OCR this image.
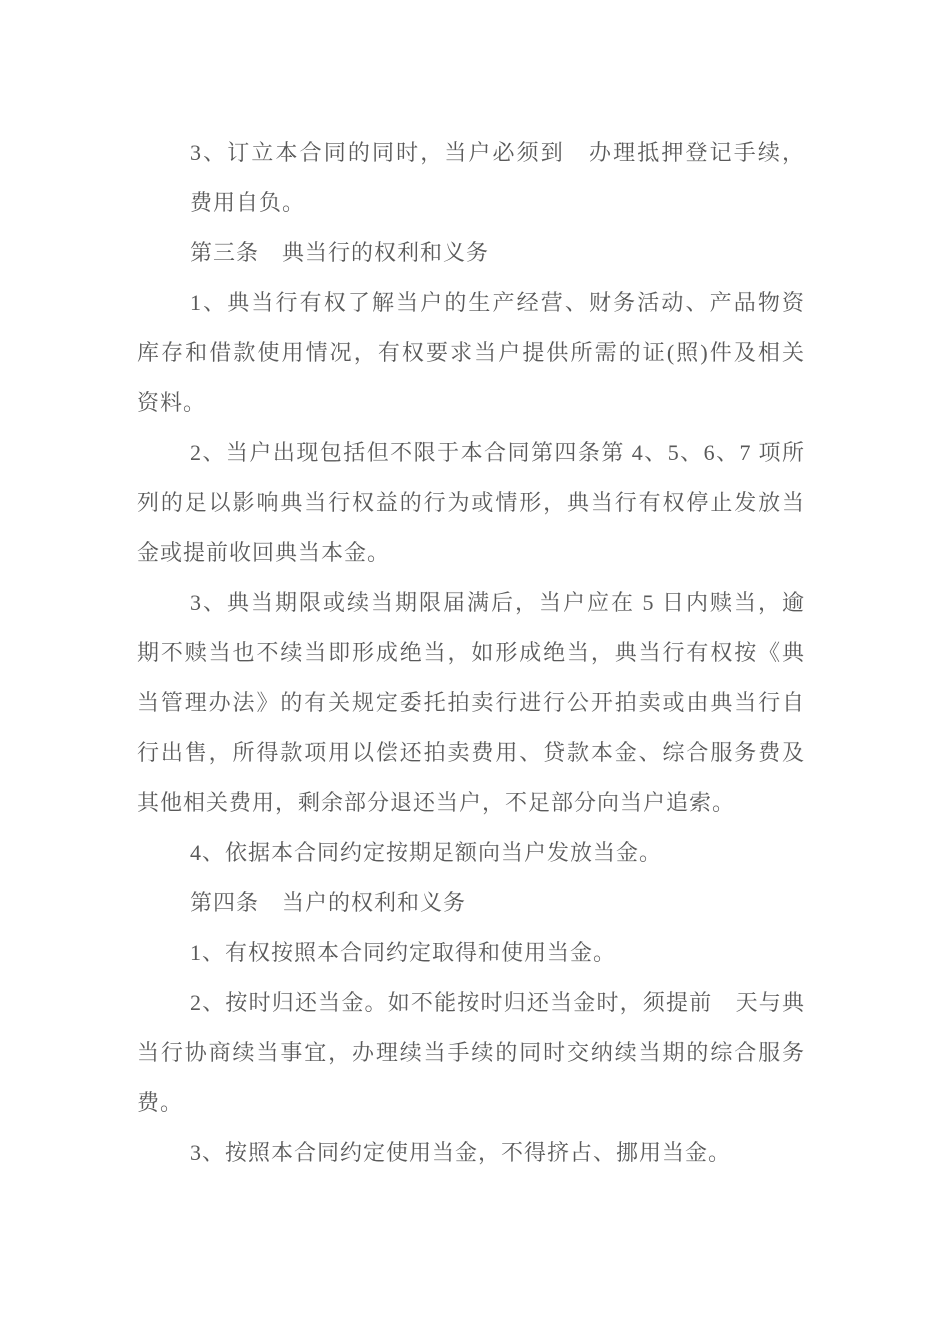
3、订立本合同的同时，当户必须到　办理抵押登记手续，
费用自负。
第三条　典当行的权利和义务
1、典当行有权了解当户的生产经营、财务活动、产品物资
库存和借款使用情况，有权要求当户提供所需的证(照)件及相关
资料。
2、当户出现包括但不限于本合同第四条第 4、5、6、7 项所
列的足以影响典当行权益的行为或情形，典当行有权停止发放当
金或提前收回典当本金。
3、典当期限或续当期限届满后，当户应在 5 日内赎当，逾
期不赎当也不续当即形成绝当，如形成绝当，典当行有权按《典
当管理办法》的有关规定委托拍卖行进行公开拍卖或由典当行自
行出售，所得款项用以偿还拍卖费用、贷款本金、综合服务费及
其他相关费用，剩余部分退还当户，不足部分向当户追索。
4、依据本合同约定按期足额向当户发放当金。
第四条　当户的权利和义务
1、有权按照本合同约定取得和使用当金。
2、按时归还当金。如不能按时归还当金时，须提前　天与典
当行协商续当事宜，办理续当手续的同时交纳续当期的综合服务
费。
3、按照本合同约定使用当金，不得挤占、挪用当金。
